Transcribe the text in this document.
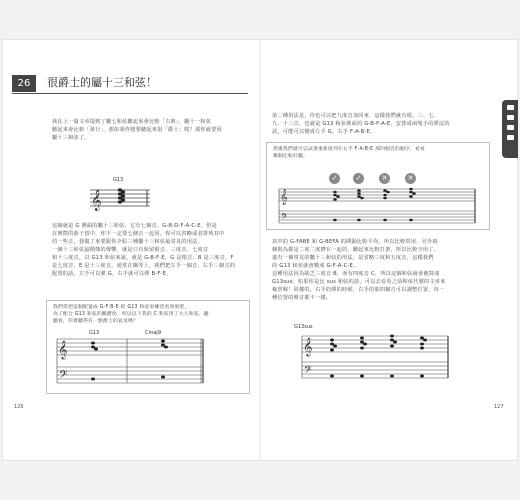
26	很爵士的屬十三和弦！
我在上一篇文章提到了屬七和弦聽起來會比較「古典」，屬十一和弦
聽起來會比較「黃行」，那如果你想要聽起來很「爵士」呢？那你就要用
屬十三和弦了。
G13
𝄞
這個就是 G 開頭的屬十三和弦，它有七個音，G-B-D-F-A-C-E，但是
在實際的曲子當中，你不一定要七個音一起用，你可以省略或者排列其中
的一些音，我做了來要跟你介紹三種屬十三和弦最常見的用法。
一個十三和弦最精簡的聲響，就是只有保留根音、三度音、七度音
和十三度音，以 G13 和弦來說，就是 G-B-F-E，G 是根音，B 是三度音，F
是七度音，E 是十三度音。通常在鋼琴上，我們把左手一個音，右手三個音的
配置的話，左手可以彈 G，右手就可以彈 B-F-E。
我們常把這個配置成 G-F-B-E 的 G13 和弦來練習看效果吧。
為了配合 G13 和弦的關鍵度，所以以下我的 C 和弦用了大九和弦，聽
聽看，你會聽得有一點爵士的氣氛嗎？
G13	Cmaj9
𝄞
𝄢
126
第二種用法是，你也可以把九度音加回來，這樣我們就有根、三、七、
九、十三音，也就是 G13 和弦裡面的 G-B-F-A-E，安排成兩隻手的彈法的
話，可能可以變成左手 G，右手 F-A-B-E。
然後我們就可以試著重新排列在右手 F-A-B-E 那四個音的順序，看看
哪個比較好聽。
✓	✓	✕	✕
𝄞
𝄢
其中的 G-FABE 和 G-BEFA 的間隔比較平均，所以比較常用，另外兩
個則為都是二度二度擠在一起的，聽起來比較打架，所以比較少用了。
還有一個常見的屬十三和弦的用法，是省略三度和五度音，這樣我們
的 G13 和弦就會變成 G-F-A-C-E。
這種用法因為缺乏三度音 B，而有四度音 C，所以這個和弦就會被寫成
G13sus，如果你是比 sus 和弦的話，可以去看看之前和弦代號的文章來
複習喔！同樣的，右手的彈的時候，右手的那四個音可以調整位置，每一
種位置的聲音都不一樣。
G13sus
𝄞
𝄢
127
